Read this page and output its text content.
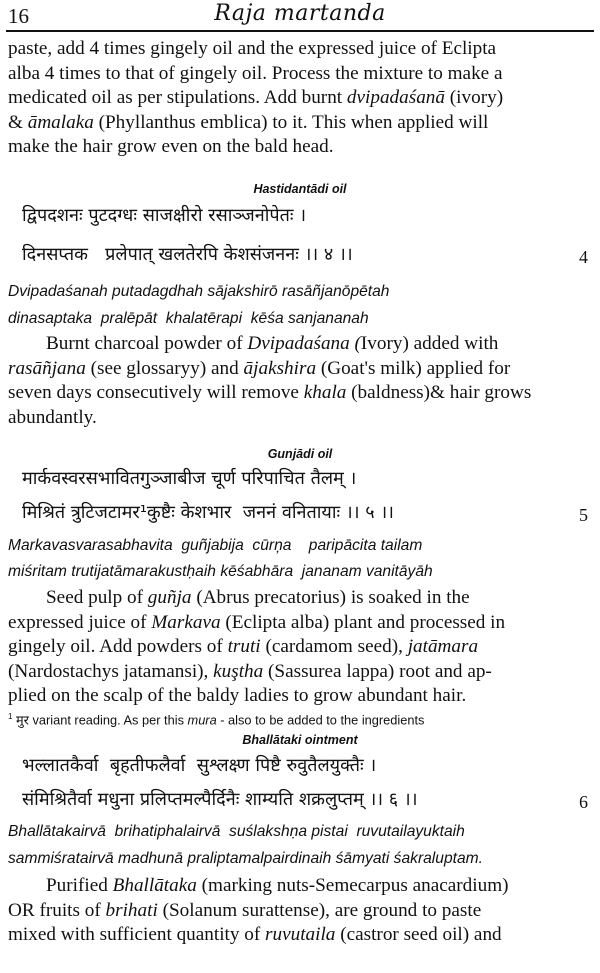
16	Raja martanda
paste, add 4 times gingely oil and the expressed juice of Eclipta
alba 4 times to that of gingely oil. Process the mixture to make a
medicated oil as per stipulations. Add burnt dvipadaśanā (ivory)
& āmalaka (Phyllanthus emblica) to it. This when applied will
make the hair grow even on the bald head.

Hastidantādi oil

द्विपदशनः पुटदग्धः साजक्षीरो रसाञ्जनोपेतः ।

दिनसप्तक   प्रलेपात् खलतेरपि केशसंजननः ।। ४ ।।	4

Dvipadaśanah putadagdhah sājakshirō rasāñjanōpētah

dinasaptaka  pralēpāt  khalatērapi  kēśa sanjananah

Burnt charcoal powder of Dvipadaśana (Ivory) added with
rasāñjana (see glossaryy) and ājakshira (Goat's milk) applied for
seven days consecutively will remove khala (baldness)& hair grows
abundantly.

Gunjādi oil

मार्कवस्वरसभावितगुञ्जाबीज चूर्ण परिपाचित तैलम् ।

मिश्रितं त्रुटिजटामर¹कुष्टैः केशभार  जननं वनितायाः ।। ५ ।।	5

Markavasvarasabhavita  guñjabija  cūrņa    paripācita tailam

miśritam trutijatāmarakustḥaih kēśabhāra  jananam vanitāyāh

Seed pulp of guñja (Abrus precatorius) is soaked in the
expressed juice of Markava (Eclipta alba) plant and processed in
gingely oil. Add powders of truti (cardamom seed), jatāmara
(Nardostachys jatamansi), kuştha (Sassurea lappa) root and ap-
plied on the scalp of the baldy ladies to grow abundant hair.

$^1$ मुर variant reading. As per this mura - also to be added to the ingredients

Bhallātaki ointment

भल्लातकैर्वा  बृहतीफलैर्वा  सुश्लक्ष्ण पिष्टै रुवुतैलयुक्तैः ।

संमिश्रितैर्वा मधुना प्रलिप्तमल्पैर्दिनैः शाम्यति शक्रलुप्तम् ।। ६ ।।	6

Bhallātakairvā  brihatiphalairvā  suślakshṇa pistai  ruvutailayuktaih

sammiśratairvā madhunā praliptamalpairdinaih śāmyati śakraluptam.

Purified Bhallātaka (marking nuts-Semecarpus anacardium)
OR fruits of brihati (Solanum surattense), are ground to paste
mixed with sufficient quantity of ruvutaila (castror seed oil) and
